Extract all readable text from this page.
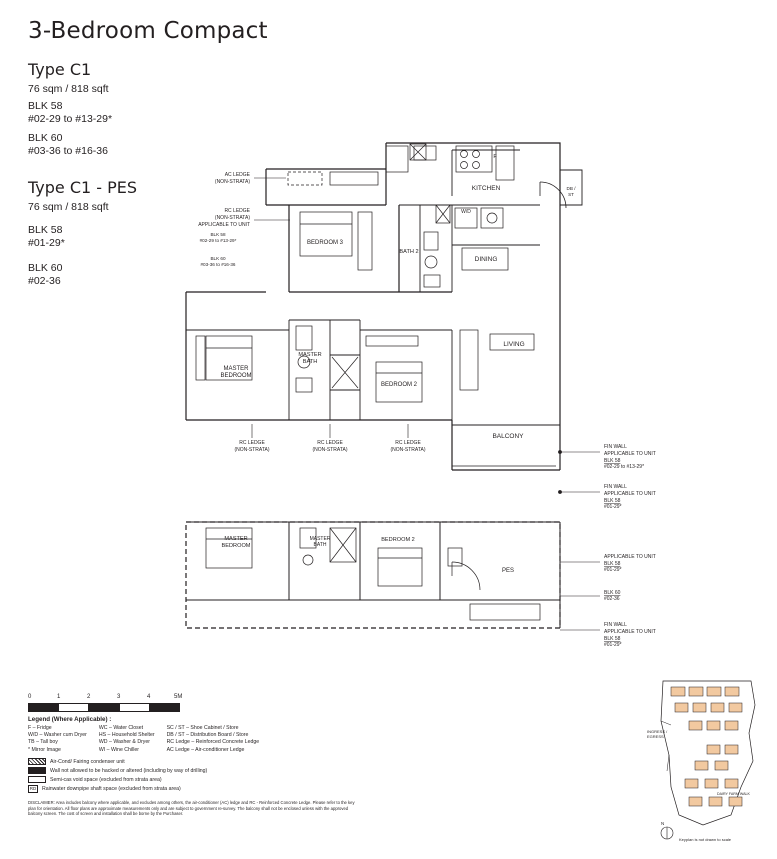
3-Bedroom Compact
Type C1
76 sqm / 818 sqft
BLK 58
#02-29 to #13-29*
BLK 60
#03-36 to #16-36
Type C1 - PES
76 sqm / 818 sqft
BLK 58
#01-29*
BLK 60
#02-36
KITCHEN
DINING
LIVING
BALCONY
BEDROOM 3
BEDROOM 2
MASTER BEDROOM
MASTER BATH
BATH 2
DB / ST
W/D
F
MASTER BEDROOM
MASTER BATH
BEDROOM 2
PES
AC LEDGE (NON-STRATA)
RC LEDGE (NON-STRATA) APPLICABLE TO UNIT
BLK 58 #02-29 to #13-29*
BLK 60 #03-36 to #16-36
RC LEDGE (NON-STRATA)
RC LEDGE (NON-STRATA)
RC LEDGE (NON-STRATA)	FIN WALL APPLICABLE TO UNIT BLK 58 #02-29 to #13-29*
FIN WALL APPLICABLE TO UNIT BLK 58 #01-29*
APPLICABLE TO UNIT BLK 58 #01-29*
BLK 60 #02-36
FIN WALL APPLICABLE TO UNIT BLK 58 #01-29*
0	1	2	3	4	5M
Legend (Where Applicable) :
F – Fridge
W/D – Washer cum Dryer
TB – Tall boy
* Mirror Image
WC – Water Closet
HS – Household Shelter
WD – Washer & Dryer
WI – Wine Chiller
SC / ST – Shoe Cabinet / Store
DB / ST – Distribution Board / Store
RC Ledge – Reinforced Concrete Ledge
AC Ledge – Air-conditioner Ledge
Air-Cond/ Fairing condenser unit
Wall not allowed to be hacked or altered (including by way of drilling)
Semi-cas void space (excluded from strata area)
RD	Rainwater downpipe shaft space (excluded from strata area)
DISCLAIMER: Area includes balcony where applicable, and excludes among others, the air-conditioner (AC) ledge and RC - Reinforced Concrete Ledge. Please refer to the key plan for orientation. All floor plans are approximate measurements only and are subject to government re-survey. The balcony shall not be enclosed unless with the approved balcony screen. The cost of screen and installation shall be borne by the Purchaser.
INGRESS / EGRESS
DAIRY FARM WALK
N
Keyplan is not drawn to scale
